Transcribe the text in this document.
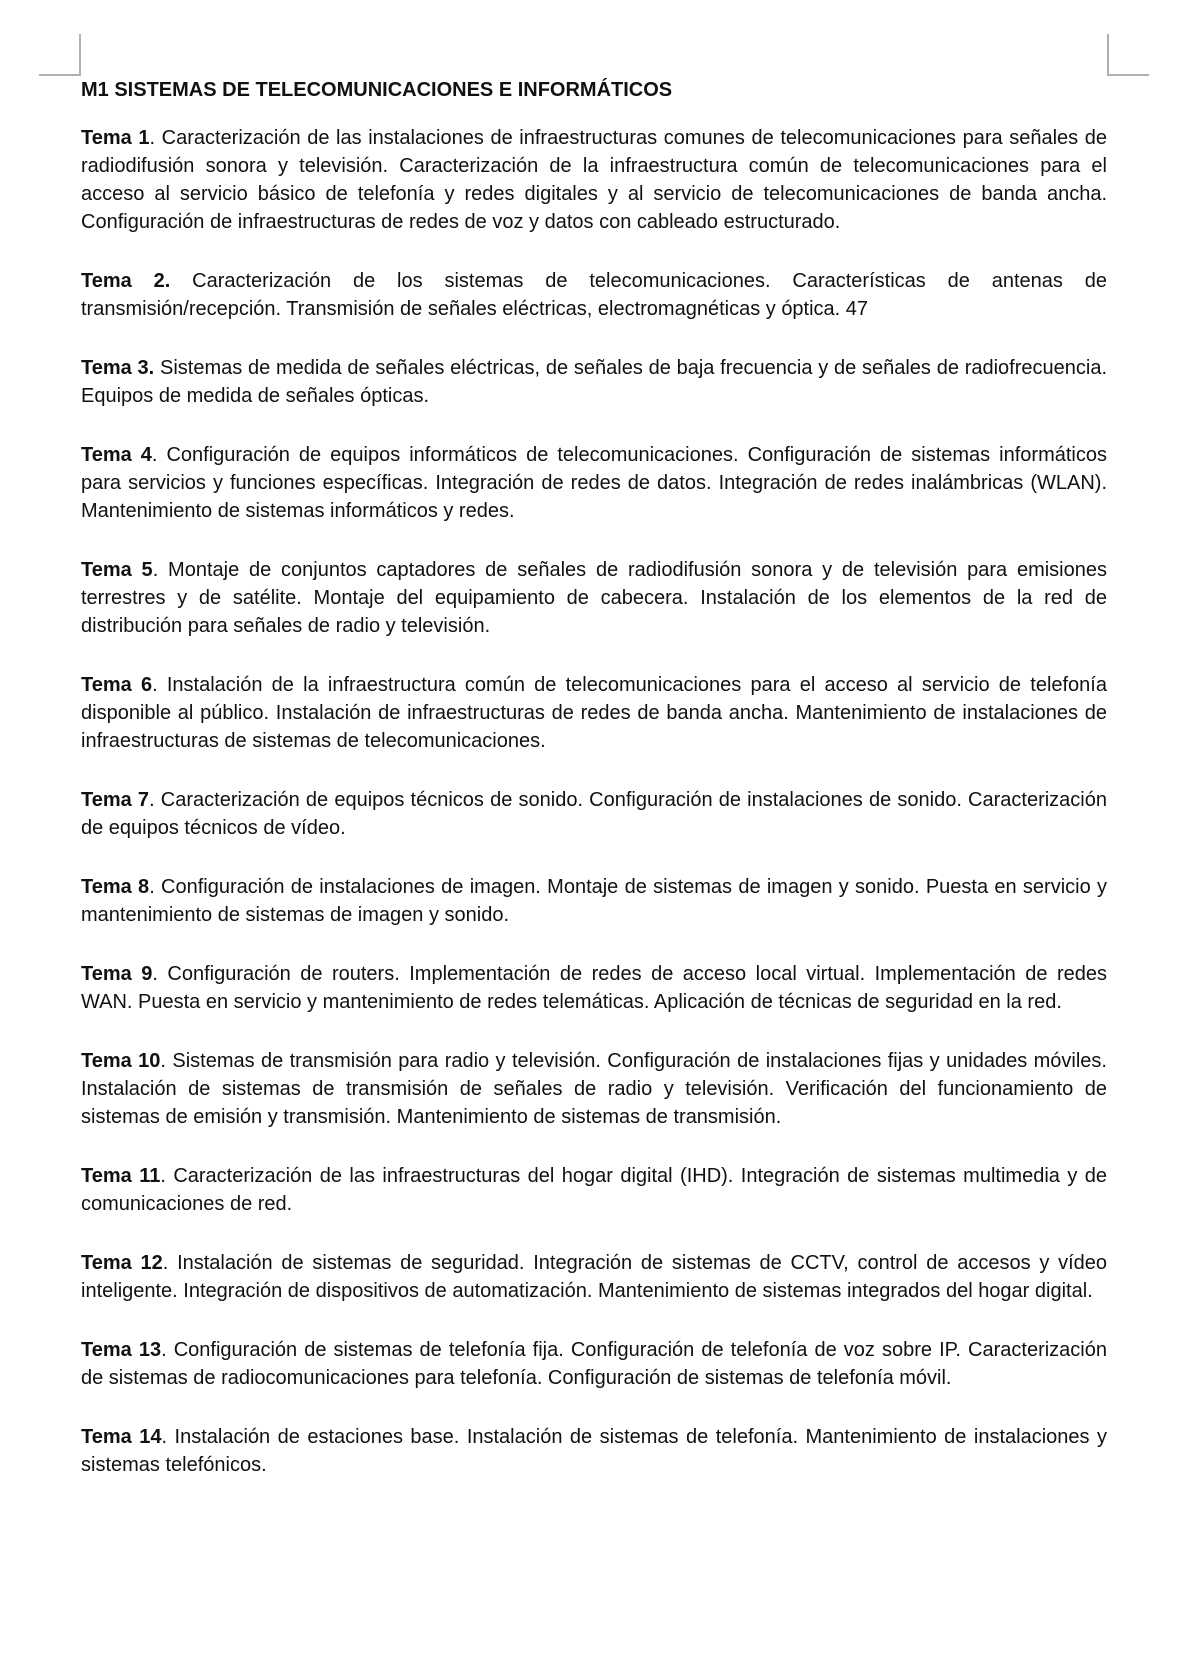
M1 SISTEMAS DE TELECOMUNICACIONES E INFORMÁTICOS

Tema 1. Caracterización de las instalaciones de infraestructuras comunes de telecomunicaciones para señales de radiodifusión sonora y televisión. Caracterización de la infraestructura común de telecomunicaciones para el acceso al servicio básico de telefonía y redes digitales y al servicio de telecomunicaciones de banda ancha. Configuración de infraestructuras de redes de voz y datos con cableado estructurado.

Tema 2. Caracterización de los sistemas de telecomunicaciones. Características de antenas de transmisión/recepción. Transmisión de señales eléctricas, electromagnéticas y óptica. 47

Tema 3. Sistemas de medida de señales eléctricas, de señales de baja frecuencia y de señales de radiofrecuencia. Equipos de medida de señales ópticas.

Tema 4. Configuración de equipos informáticos de telecomunicaciones. Configuración de sistemas informáticos para servicios y funciones específicas. Integración de redes de datos. Integración de redes inalámbricas (WLAN). Mantenimiento de sistemas informáticos y redes.

Tema 5. Montaje de conjuntos captadores de señales de radiodifusión sonora y de televisión para emisiones terrestres y de satélite. Montaje del equipamiento de cabecera. Instalación de los elementos de la red de distribución para señales de radio y televisión.

Tema 6. Instalación de la infraestructura común de telecomunicaciones para el acceso al servicio de telefonía disponible al público. Instalación de infraestructuras de redes de banda ancha. Mantenimiento de instalaciones de infraestructuras de sistemas de telecomunicaciones.

Tema 7. Caracterización de equipos técnicos de sonido. Configuración de instalaciones de sonido. Caracterización de equipos técnicos de vídeo.

Tema 8. Configuración de instalaciones de imagen. Montaje de sistemas de imagen y sonido. Puesta en servicio y mantenimiento de sistemas de imagen y sonido.

Tema 9. Configuración de routers. Implementación de redes de acceso local virtual. Implementación de redes WAN. Puesta en servicio y mantenimiento de redes telemáticas. Aplicación de técnicas de seguridad en la red.

Tema 10. Sistemas de transmisión para radio y televisión. Configuración de instalaciones fijas y unidades móviles. Instalación de sistemas de transmisión de señales de radio y televisión. Verificación del funcionamiento de sistemas de emisión y transmisión. Mantenimiento de sistemas de transmisión.

Tema 11. Caracterización de las infraestructuras del hogar digital (IHD). Integración de sistemas multimedia y de comunicaciones de red.

Tema 12. Instalación de sistemas de seguridad. Integración de sistemas de CCTV, control de accesos y vídeo inteligente. Integración de dispositivos de automatización. Mantenimiento de sistemas integrados del hogar digital.

Tema 13. Configuración de sistemas de telefonía fija. Configuración de telefonía de voz sobre IP. Caracterización de sistemas de radiocomunicaciones para telefonía. Configuración de sistemas de telefonía móvil.

Tema 14. Instalación de estaciones base. Instalación de sistemas de telefonía. Mantenimiento de instalaciones y sistemas telefónicos.
